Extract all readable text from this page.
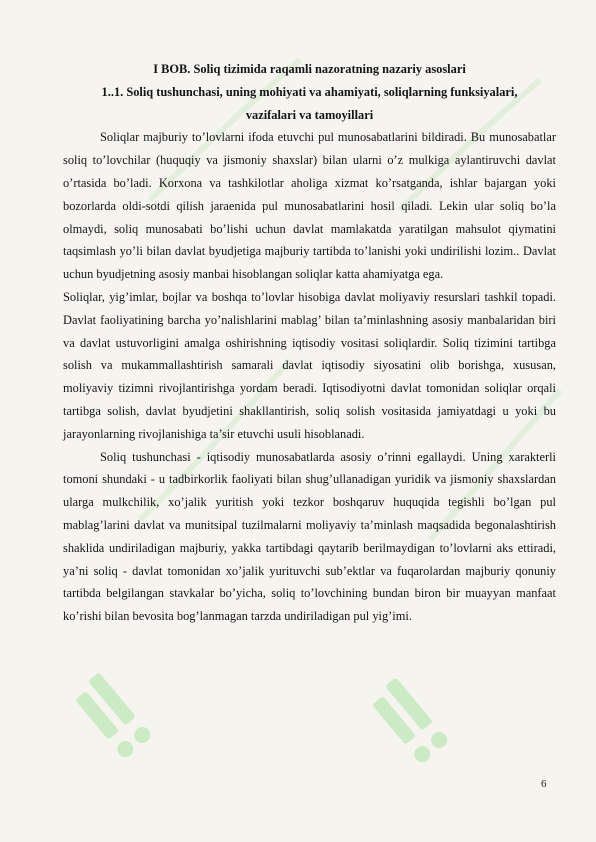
I BOB. Soliq tizimida raqamli nazoratning nazariy asoslari

1..1. Soliq tushunchasi, uning mohiyati va ahamiyati, soliqlarning funksiyalari,

vazifalari va tamoyillari

Soliqlar majburiy to’lovlarni ifoda etuvchi pul munosabatlarini bildiradi. Bu munosabatlar soliq to’lovchilar (huquqiy va jismoniy shaxslar) bilan ularni o’z mulkiga aylantiruvchi davlat o’rtasida bo’ladi. Korxona va tashkilotlar aholiga xizmat ko’rsatganda, ishlar bajargan yoki bozorlarda oldi-sotdi qilish jaraenida pul munosabatlarini hosil qiladi. Lekin ular soliq bo’la olmaydi, soliq munosabati bo’lishi uchun davlat mamlakatda yaratilgan mahsulot qiymatini taqsimlash yo’li bilan davlat byudjetiga majburiy tartibda to’lanishi yoki undirilishi lozim.. Davlat uchun byudjetning asosiy manbai hisoblangan soliqlar katta ahamiyatga ega.

Soliqlar, yig’imlar, bojlar va boshqa to’lovlar hisobiga davlat moliyaviy resurslari tashkil topadi. Davlat faoliyatining barcha yo’nalishlarini mablag’ bilan ta’minlashning asosiy manbalaridan biri va davlat ustuvorligini amalga oshirishning iqtisodiy vositasi soliqlardir. Soliq tizimini tartibga solish va mukammallashtirish samarali davlat iqtisodiy siyosatini olib borishga, xususan, moliyaviy tizimni rivojlantirishga yordam beradi. Iqtisodiyotni davlat tomonidan soliqlar orqali tartibga solish, davlat byudjetini shakllantirish, soliq solish vositasida jamiyatdagi u yoki bu jarayonlarning rivojlanishiga ta’sir etuvchi usuli hisoblanadi.

Soliq tushunchasi - iqtisodiy munosabatlarda asosiy o’rinni egallaydi. Uning xarakterli tomoni shundaki - u tadbirkorlik faoliyati bilan shug’ullanadigan yuridik va jismoniy shaxslardan ularga mulkchilik, xo’jalik yuritish yoki tezkor boshqaruv huquqida tegishli bo’lgan pul mablag’larini davlat va munitsipal tuzilmalarni moliyaviy ta’minlash maqsadida begonalashtirish shaklida undiriladigan majburiy, yakka tartibdagi qaytarib berilmaydigan to’lovlarni aks ettiradi, ya’ni soliq - davlat tomonidan xo’jalik yurituvchi sub’ektlar va fuqarolardan majburiy qonuniy tartibda belgilangan stavkalar bo’yicha, soliq to’lovchining bundan biron bir muayyan manfaat ko’rishi bilan bevosita bog’lanmagan tarzda undiriladigan pul yig’imi.

6
